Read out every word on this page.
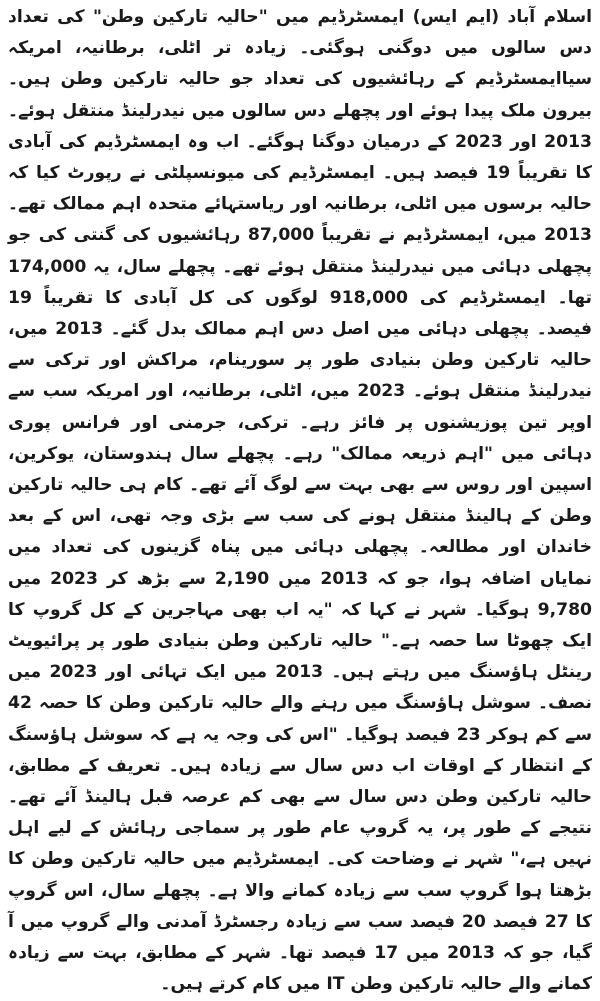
اسلام آباد (ایم ایس) ایمسٹرڈیم میں "حالیہ تارکین وطن" کی تعداد دس سالوں میں دوگنی ہوگئی۔ زیادہ تر اٹلی، برطانیہ، امریکہ سیاایمسٹرڈیم کے رہائشیوں کی تعداد جو حالیہ تارکین وطن ہیں۔ بیرون ملک پیدا ہوئے اور پچھلے دس سالوں میں نیدرلینڈ منتقل ہوئے۔ 2013 اور 2023 کے درمیان دوگنا ہوگئے۔ اب وہ ایمسٹرڈیم کی آبادی کا تقریباً 19 فیصد ہیں۔ ایمسٹرڈیم کی میونسپلٹی نے رپورٹ کیا کہ حالیہ برسوں میں اٹلی، برطانیہ اور ریاستہائے متحدہ اہم ممالک تھے۔ 2013 میں، ایمسٹرڈیم نے تقریباً 87,000 رہائشیوں کی گنتی کی جو پچھلی دہائی میں نیدرلینڈ منتقل ہوئے تھے۔ پچھلے سال، یہ 174,000 تھا۔ ایمسٹرڈیم کی 918,000 لوگوں کی کل آبادی کا تقریباً 19 فیصد۔ پچھلی دہائی میں اصل دس اہم ممالک بدل گئے۔ 2013 میں، حالیہ تارکین وطن بنیادی طور پر سورینام، مراکش اور ترکی سے نیدرلینڈ منتقل ہوئے۔ 2023 میں، اٹلی، برطانیہ، اور امریکہ سب سے اوپر تین پوزیشنوں پر فائز رہے۔ ترکی، جرمنی اور فرانس پوری دہائی میں "اہم ذریعہ ممالک" رہے۔ پچھلے سال ہندوستان، یوکرین، اسپین اور روس سے بھی بہت سے لوگ آئے تھے۔ کام ہی حالیہ تارکین وطن کے ہالینڈ منتقل ہونے کی سب سے بڑی وجہ تھی، اس کے بعد خاندان اور مطالعہ۔ پچھلی دہائی میں پناہ گزینوں کی تعداد میں نمایاں اضافہ ہوا، جو کہ 2013 میں 2,190 سے بڑھ کر 2023 میں 9,780 ہوگیا۔ شہر نے کہا کہ "یہ اب بھی مہاجرین کے کل گروپ کا ایک چھوٹا سا حصہ ہے۔" حالیہ تارکین وطن بنیادی طور پر پرائیویٹ رینٹل ہاؤسنگ میں رہتے ہیں۔ 2013 میں ایک تہائی اور 2023 میں نصف۔ سوشل ہاؤسنگ میں رہنے والے حالیہ تارکین وطن کا حصہ 42 سے کم ہوکر 23 فیصد ہوگیا۔ "اس کی وجہ یہ ہے کہ سوشل ہاؤسنگ کے انتظار کے اوقات اب دس سال سے زیادہ ہیں۔ تعریف کے مطابق، حالیہ تارکین وطن دس سال سے بھی کم عرصہ قبل ہالینڈ آئے تھے۔ نتیجے کے طور پر، یہ گروپ عام طور پر سماجی رہائش کے لیے اہل نہیں ہے،" شہر نے وضاحت کی۔ ایمسٹرڈیم میں حالیہ تارکین وطن کا بڑھتا ہوا گروپ سب سے زیادہ کمانے والا ہے۔ پچھلے سال، اس گروپ کا 27 فیصد 20 فیصد سب سے زیادہ رجسٹرڈ آمدنی والے گروپ میں آ گیا، جو کہ 2013 میں 17 فیصد تھا۔ شہر کے مطابق، بہت سے زیادہ کمانے والے حالیہ تارکین وطن IT میں کام کرتے ہیں۔
